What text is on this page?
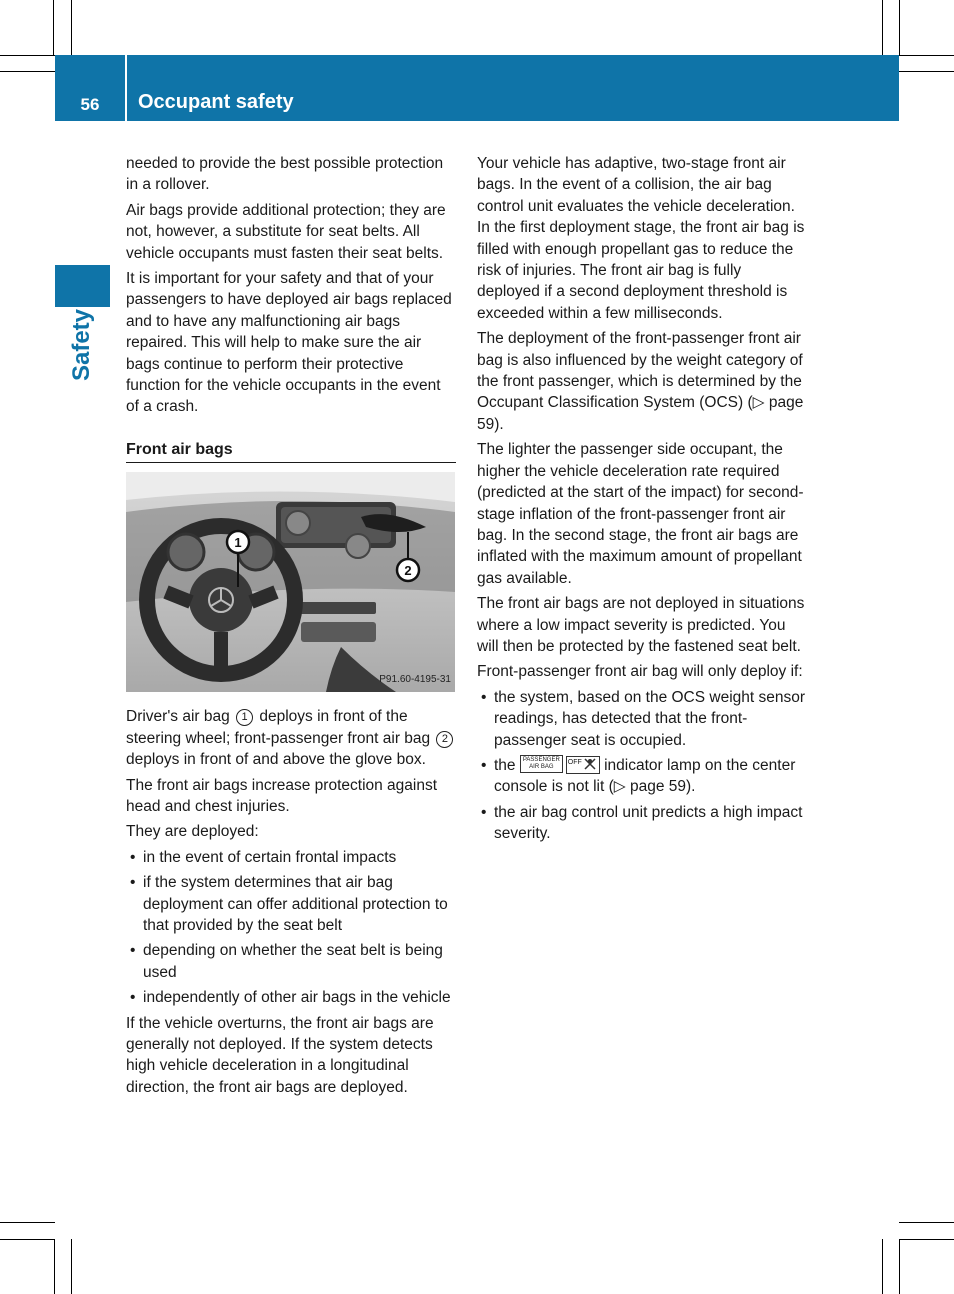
56	Occupant safety
Safety

needed to provide the best possible protection in a rollover.

Air bags provide additional protection; they are not, however, a substitute for seat belts. All vehicle occupants must fasten their seat belts.

It is important for your safety and that of your passengers to have deployed air bags replaced and to have any malfunctioning air bags repaired. This will help to make sure the air bags continue to perform their protective function for the vehicle occupants in the event of a crash.

Front air bags
1
2
P91.60-4195-31

Driver's air bag 1 deploys in front of the steering wheel; front-passenger front air bag 2 deploys in front of and above the glove box.

The front air bags increase protection against head and chest injuries.

They are deployed:

• in the event of certain frontal impacts
• if the system determines that air bag deployment can offer additional protection to that provided by the seat belt
• depending on whether the seat belt is being used
• independently of other air bags in the vehicle

If the vehicle overturns, the front air bags are generally not deployed. If the system detects high vehicle deceleration in a longitudinal direction, the front air bags are deployed.

Your vehicle has adaptive, two-stage front air bags. In the event of a collision, the air bag control unit evaluates the vehicle deceleration. In the first deployment stage, the front air bag is filled with enough propellant gas to reduce the risk of injuries. The front air bag is fully deployed if a second deployment threshold is exceeded within a few milliseconds.

The deployment of the front-passenger front air bag is also influenced by the weight category of the front passenger, which is determined by the Occupant Classification System (OCS) (▷ page 59).

The lighter the passenger side occupant, the higher the vehicle deceleration rate required (predicted at the start of the impact) for second-stage inflation of the front-passenger front air bag. In the second stage, the front air bags are inflated with the maximum amount of propellant gas available.

The front air bags are not deployed in situations where a low impact severity is predicted. You will then be protected by the fastened seat belt.

Front-passenger front air bag will only deploy if:

• the system, based on the OCS weight sensor readings, has detected that the front-passenger seat is occupied.
• the PASSENGER
AIR BAG
OFF indicator lamp on the center console is not lit (▷ page 59).
• the air bag control unit predicts a high impact severity.
